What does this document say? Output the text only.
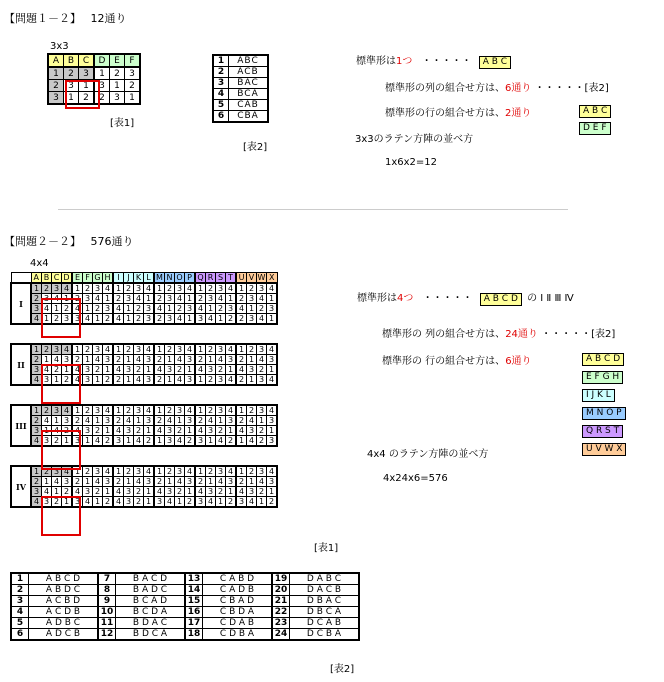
【問題１－２】 12通り
3x3
A	B	C	D	E	F
1	2	3	1	2	3
2	3	1	3	1	2
3	1	2	2	3	1
[表1]
1	ABC
2	ACB
3	BAC
4	BCA
5	CAB
6	CBA
[表2]
標準形は1つ ・・・・・ A B C
標準形の列の組合せ方は、6通り ・・・・・[表2]
標準形の行の組合せ方は、2通り	A B C
D E F
3x3のラテン方陣の並べ方
1x6x2=12
【問題２－２】 576通り
4x4
	A	B	C	D	E	F	G	H	I	J	K	L	M	N	O	P	Q	R	S	T	U	V	W	X
I	1	2	3	4	1	2	3	4	1	2	3	4	1	2	3	4	1	2	3	4	1	2	3	4
	2	3	4	1	2	3	4	1	2	3	4	1	2	3	4	1	2	3	4	1	2	3	4	1
	3	4	1	2	4	1	2	3	4	1	2	3	4	1	2	3	4	1	2	3	4	1	2	3
	4	1	2	3	3	4	1	2	4	1	2	3	2	3	4	1	3	4	1	2	2	3	4	1

II	1	2	3	4	1	2	3	4	1	2	3	4	1	2	3	4	1	2	3	4	1	2	3	4
	2	1	4	3	2	1	4	3	2	1	4	3	2	1	4	3	2	1	4	3	2	1	4	3
	3	4	2	1	4	3	2	1	4	3	2	1	4	3	2	1	4	3	2	1	4	3	2	1
	4	3	1	2	4	3	1	2	2	1	4	3	2	1	4	3	1	2	3	4	2	1	3	4

III	1	2	3	4	1	2	3	4	1	2	3	4	1	2	3	4	1	2	3	4	1	2	3	4
	2	4	1	3	2	4	1	3	2	4	1	3	2	4	1	3	2	4	1	3	2	4	1	3
	3	1	4	2	4	3	2	1	4	3	2	1	4	3	2	1	4	3	2	1	4	3	2	1
	4	3	2	1	3	1	4	2	3	1	4	2	1	3	4	2	3	1	4	2	1	4	2	3

IV	1	2	3	4	1	2	3	4	1	2	3	4	1	2	3	4	1	2	3	4	1	2	3	4
	2	1	4	3	2	1	4	3	2	1	4	3	2	1	4	3	2	1	4	3	2	1	4	3
	3	4	1	2	4	3	2	1	4	3	2	1	4	3	2	1	4	3	2	1	4	3	2	1
	4	3	2	1	3	4	1	2	4	3	2	1	3	4	1	2	3	4	1	2	3	4	1	2
[表1]
標準形は4つ ・・・・・ A B C D の Ⅰ Ⅱ Ⅲ Ⅳ
標準形の 列の組合せ方は、24通り ・・・・・[表2]
標準形の 行の組合せ方は、6通り	A B C D
E F G H
I J K L
M N O P
Q R S T
U V W X
4x4 のラテン方陣の並べ方
4x24x6=576
1	A B C D	7	B A C D	13	C A B D	19	D A B C
2	A B D C	8	B A D C	14	C A D B	20	D A C B
3	A C B D	9	B C A D	15	C B A D	21	D B A C
4	A C D B	10	B C D A	16	C B D A	22	D B C A
5	A D B C	11	B D A C	17	C D A B	23	D C A B
6	A D C B	12	B D C A	18	C D B A	24	D C B A
[表2]
